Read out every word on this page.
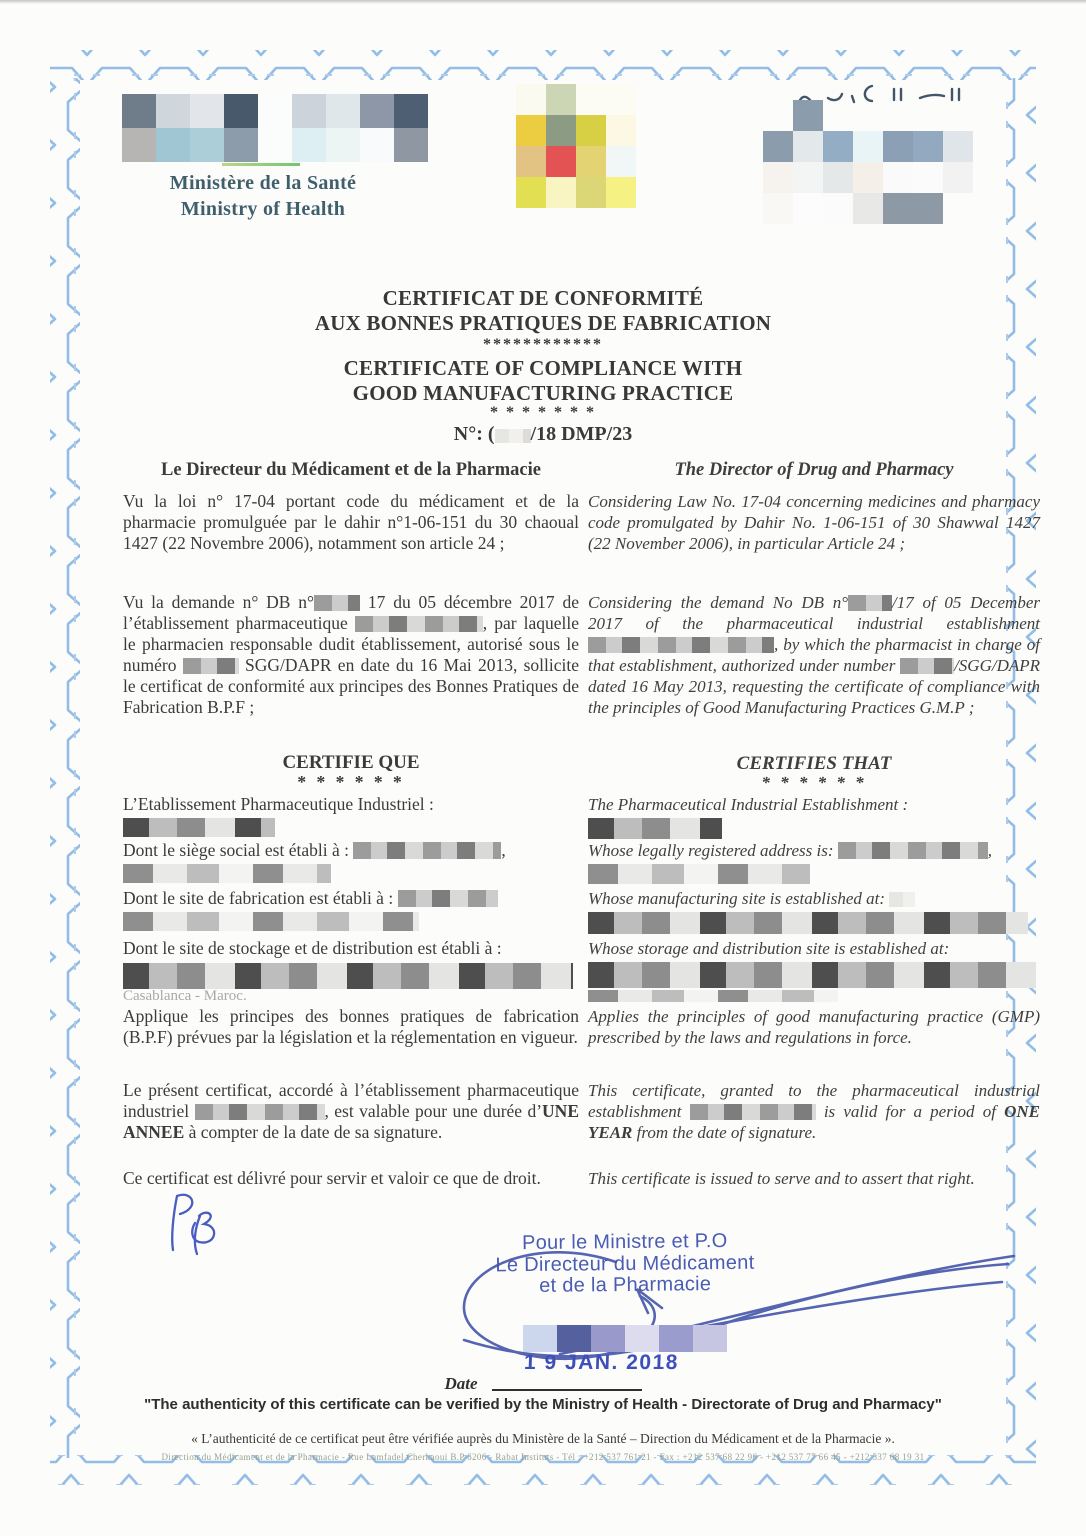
Ministère de la Santé
Ministry of Health
CERTIFICAT DE CONFORMITÉ
AUX BONNES PRATIQUES DE FABRICATION
************
CERTIFICATE OF COMPLIANCE WITH
GOOD MANUFACTURING PRACTICE
* * * * * * *
N°: ( /18 DMP/23
Le Directeur du Médicament et de la Pharmacie
Vu la loi n° 17-04 portant code du médicament et de la pharmacie promulguée par le dahir n°1-06-151 du 30 chaoual 1427 (22 Novembre 2006), notamment son article 24 ;
Vu la demande n° DB n°	17 du 05 décembre 2017 de l’établissement pharmaceutique	, par laquelle le pharmacien responsable dudit établissement, autorisé sous le numéro	SGG/DAPR en date du 16 Mai 2013, sollicite le certificat de conformité aux principes des Bonnes Pratiques de Fabrication B.P.F ;
CERTIFIE QUE
* * * * * *
L’Etablissement Pharmaceutique Industriel :
Dont le siège social est établi à :	,
Dont le site de fabrication est établi à :
Dont le site de stockage et de distribution est établi à :
Casablanca - Maroc.
Applique les principes des bonnes pratiques de fabrication (B.P.F) prévues par la législation et la réglementation en vigueur.
Le présent certificat, accordé à l’établissement pharmaceutique industriel	, est valable pour une durée d’UNE ANNEE à compter de la date de sa signature.
Ce certificat est délivré pour servir et valoir ce que de droit.
The Director of Drug and Pharmacy
Considering Law No. 17-04 concerning medicines and pharmacy code promulgated by Dahir No. 1-06-151 of 30 Shawwal 1427 (22 November 2006), in particular Article 24 ;
Considering the demand No DB n°	/17 of 05 December 2017 of the pharmaceutical industrial establishment , by which the pharmacist in charge of that establishment, authorized under number	/SGG/DAPR dated 16 May 2013, requesting the certificate of compliance with the principles of Good Manufacturing Practices G.M.P ;
CERTIFIES THAT
* * * * * *
The Pharmaceutical Industrial Establishment :
Whose legally registered address is:	,
Whose manufacturing site is established at:
Whose storage and distribution site is established at:
Applies the principles of good manufacturing practice (GMP) prescribed by the laws and regulations in force.
This certificate, granted to the pharmaceutical industrial establishment	is valid for a period of ONE YEAR from the date of signature.
This certificate is issued to serve and to assert that right.
Pour le Ministre et P.O
Le Directeur du Médicament
et de la Pharmacie
1 9 JAN. 2018
Date
"The authenticity of this certificate can be verified by the Ministry of Health - Directorate of Drug and Pharmacy"
« L’authenticité de ce certificat peut être vérifiée auprès du Ministère de la Santé – Direction du Médicament et de la Pharmacie ».
Direction du Médicament et de la Pharmacie - Rue Lamfadel Cherkaoui B.P 6206 - Rabat Instituts - Tél : +212 537 761 21 - Fax : +212 537 68 22 96 - +212 537 77 66 45 - +212 537 68 19 31
